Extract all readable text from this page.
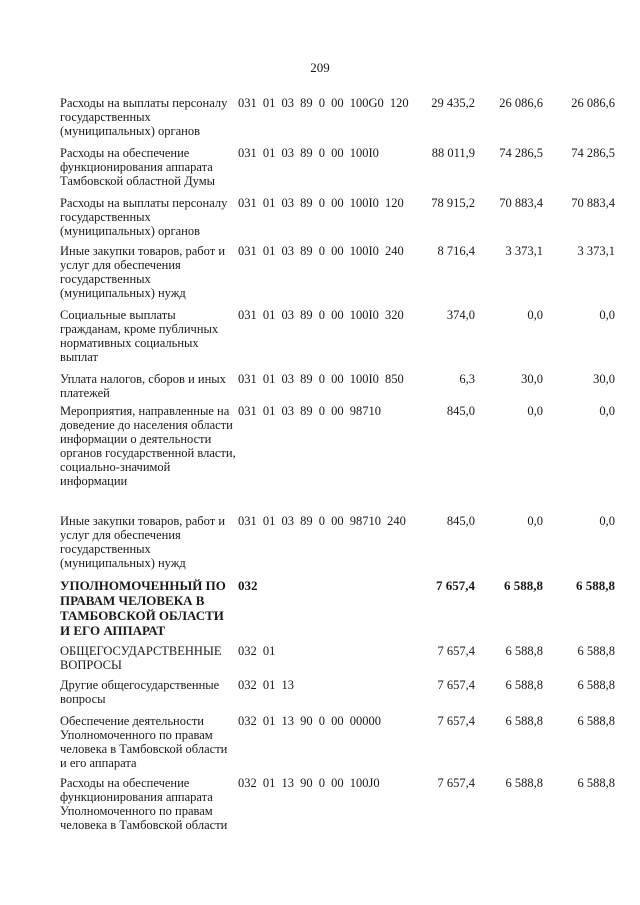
209
Расходы на выплаты персоналу государственных (муниципальных) органов
031 01 03 89 0 00 100G0 120	29 435,2	26 086,6	26 086,6
Расходы на обеспечение функционирования аппарата Тамбовской областной Думы
031 01 03 89 0 00 100I0	88 011,9	74 286,5	74 286,5
Расходы на выплаты персоналу государственных (муниципальных) органов
031 01 03 89 0 00 100I0 120	78 915,2	70 883,4	70 883,4
Иные закупки товаров, работ и услуг для обеспечения государственных (муниципальных) нужд
031 01 03 89 0 00 100I0 240	8 716,4	3 373,1	3 373,1
Социальные выплаты гражданам, кроме публичных нормативных социальных выплат
031 01 03 89 0 00 100I0 320	374,0	0,0	0,0
Уплата налогов, сборов и иных платежей
031 01 03 89 0 00 100I0 850	6,3	30,0	30,0
Мероприятия, направленные на доведение до населения области информации о деятельности органов государственной власти, социально-значимой информации
031 01 03 89 0 00 98710	845,0	0,0	0,0
Иные закупки товаров, работ и услуг для обеспечения государственных (муниципальных) нужд
031 01 03 89 0 00 98710 240	845,0	0,0	0,0
УПОЛНОМОЧЕННЫЙ ПО ПРАВАМ ЧЕЛОВЕКА В ТАМБОВСКОЙ ОБЛАСТИ И ЕГО АППАРАТ
032	7 657,4	6 588,8	6 588,8
ОБЩЕГОСУДАРСТВЕННЫЕ ВОПРОСЫ
032 01	7 657,4	6 588,8	6 588,8
Другие общегосударственные вопросы
032 01 13	7 657,4	6 588,8	6 588,8
Обеспечение деятельности Уполномоченного по правам человека в Тамбовской области и его аппарата
032 01 13 90 0 00 00000	7 657,4	6 588,8	6 588,8
Расходы на обеспечение функционирования аппарата Уполномоченного по правам человека в Тамбовской области
032 01 13 90 0 00 100J0	7 657,4	6 588,8	6 588,8
